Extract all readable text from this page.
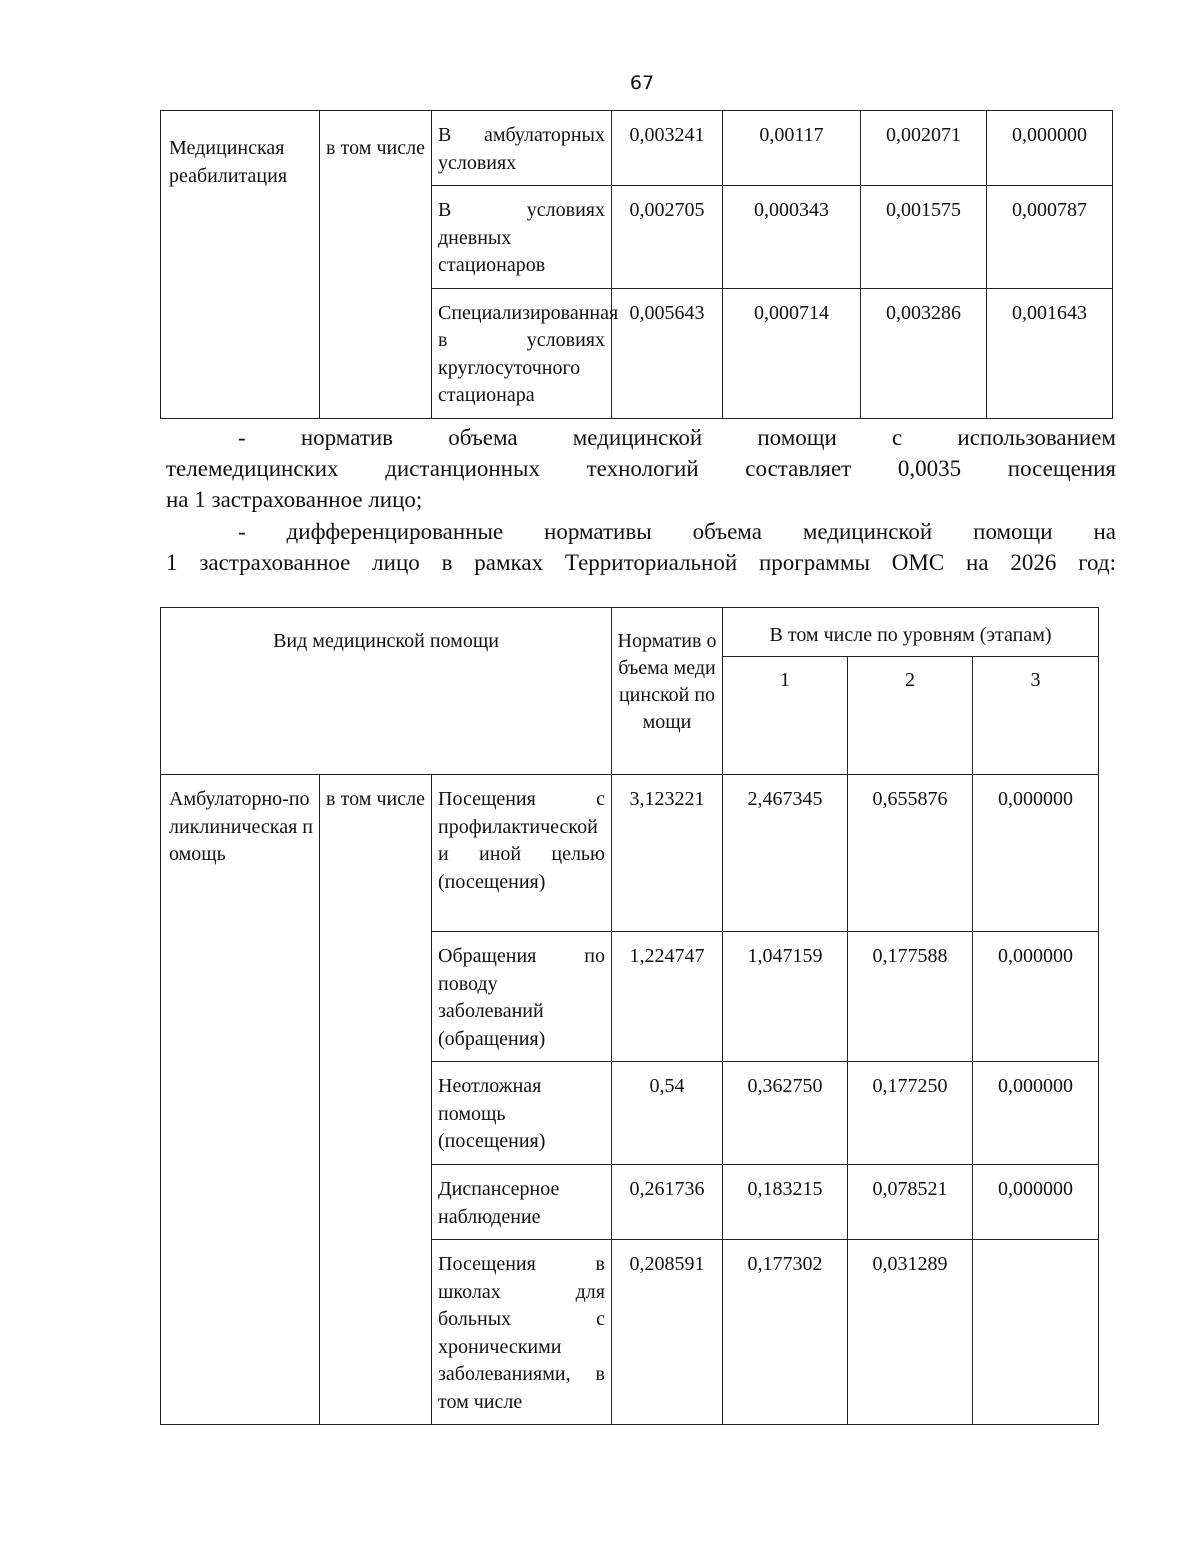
67
Медицинская реабилитация	в том числе	В амбулаторных условиях	0,003241	0,00117	0,002071	0,000000
		В условиях дневных стационаров	0,002705	0,000343	0,001575	0,000787
		Специализированная в условиях круглосуточного стационара	0,005643	0,000714	0,003286	0,001643
- норматив объема медицинской помощи с использованием
телемедицинских дистанционных технологий составляет 0,0035 посещения
на 1 застрахованное лицо;
- дифференцированные нормативы объема медицинской помощи на
1 застрахованное лицо в рамках Территориальной программы ОМС на 2026 год:
Вид медицинской помощи			Норматив объема медицинской помощи	В том числе по уровням (этапам)		
				1	2	3
Амбулаторно-поликлиническая помощь	в том числе	Посещения с профилактической и иной целью (посещения)	3,123221	2,467345	0,655876	0,000000
		Обращения по поводу заболеваний (обращения)	1,224747	1,047159	0,177588	0,000000
		Неотложная помощь (посещения)	0,54	0,362750	0,177250	0,000000
		Диспансерное наблюдение	0,261736	0,183215	0,078521	0,000000
		Посещения в школах для больных с хроническими заболеваниями, в том числе	0,208591	0,177302	0,031289	
